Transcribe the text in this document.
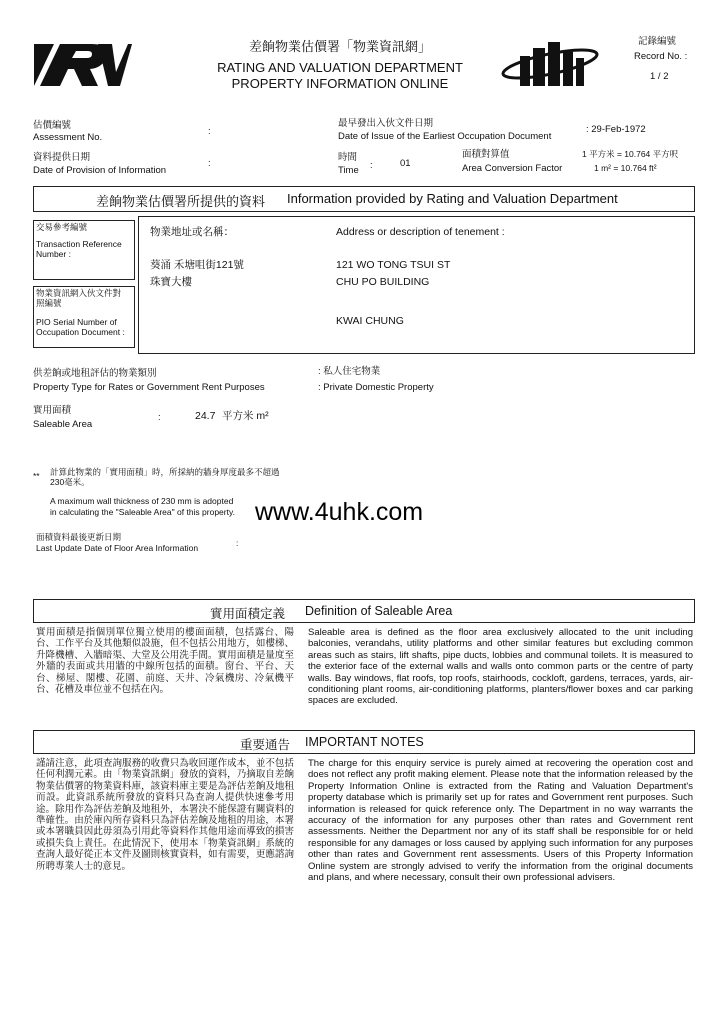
差餉物業估價署「物業資訊網」
RATING AND VALUATION DEPARTMENT
PROPERTY INFORMATION ONLINE
記錄編號
Record No. :
1 / 2
估價編號
Assessment No.
:
資料提供日期
Date of Provision of Information
:
最早發出入伙文件日期
Date of Issue of the Earliest Occupation Document
: 29-Feb-1972
時間
Time :	01
面積對算值
Area Conversion Factor
1 平方米 = 10.764 平方呎
1 m² = 10.764 ft²
差餉物業估價署所提供的資料 Information provided by Rating and Valuation Department
交易參考編號
Transaction Reference Number :
物業資訊網入伙文件對照編號
PIO Serial Number of Occupation Document :
物業地址或名稱：	Address or description of tenement :
葵涌 禾塘咀街121號
珠寶大樓
121 WO TONG TSUI ST
CHU PO BUILDING
KWAI CHUNG
供差餉或地租評估的物業類別
Property Type for Rates or Government Rent Purposes
: 私人住宅物業
: Private Domestic Property
實用面積
Saleable Area
:	24.7 平方米 m²
** 計算此物業的「實用面積」時，所採納的牆身厚度最多不超過230毫米。
A maximum wall thickness of 230 mm is adopted
in calculating the "Saleable Area" of this property. www.4uhk.com
面積資料最後更新日期
Last Update Date of Floor Area Information	:
實用面積定義 Definition of Saleable Area
實用面積是指個別單位獨立使用的樓面面積，包括露台、陽台、工作平台及其他類似設施，但不包括公用地方，如樓梯、升降機槽、入牆暗渠、大堂及公用洗手間。實用面積是量度至外牆的表面或共用牆的中線所包括的面積。窗台、平台、天台、梯屋、閣樓、花園、前庭、天井、冷氣機房、冷氣機平台、花槽及車位並不包括在內。
Saleable area is defined as the floor area exclusively allocated to the unit including balconies, verandahs, utility platforms and other similar features but excluding common areas such as stairs, lift shafts, pipe ducts, lobbies and communal toilets. It is measured to the exterior face of the external walls and walls onto common parts or the centre of party walls. Bay windows, flat roofs, top roofs, stairhoods, cockloft, gardens, terraces, yards, air-conditioning plant rooms, air-conditioning platforms, planters/flower boxes and car parking spaces are excluded.
重要通告 IMPORTANT NOTES
謹請注意，此項查詢服務的收費只為收回運作成本，並不包括任何利潤元素。由「物業資訊網」發放的資料，乃摘取自差餉物業估價署的物業資料庫，該資料庫主要是為評估差餉及地租而設。此資訊系統所發放的資料只為查詢人提供快速參考用途。除用作為評估差餉及地租外，本署決不能保證有關資料的準確性。由於庫內所存資料只為評估差餉及地租的用途，本署或本署職員因此毋須為引用此等資料作其他用途而導致的損害或損失負上責任。在此情況下，使用本「物業資訊網」系統的查詢人最好從正本文件及圖則核實資料，如有需要，更應諮詢所聘專業人士的意見。
The charge for this enquiry service is purely aimed at recovering the operation cost and does not reflect any profit making element. Please note that the information released by the Property Information Online is extracted from the Rating and Valuation Department's property database which is primarily set up for rates and Government rent purposes. Such information is released for quick reference only. The Department in no way warrants the accuracy of the information for any purposes other than rates and Government rent assessments. Neither the Department nor any of its staff shall be responsible for or held responsible for any damages or loss caused by applying such information for any purposes other than rates and Government rent assessments. Users of this Property Information Online system are strongly advised to verify the information from the original documents and plans, and where necessary, consult their own professional advisers.
